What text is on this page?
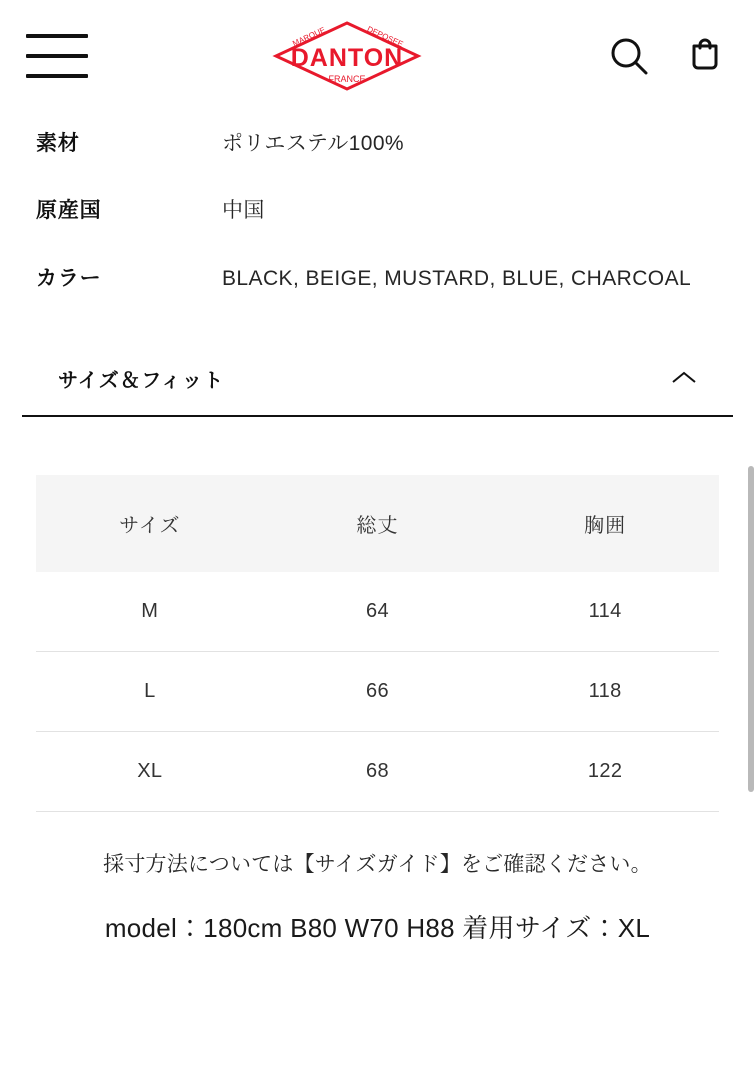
DANTON
MARQUE	DEPOSEE
FRANCE
素材	ポリエステル100%
原産国	中国
カラー	BLACK, BEIGE, MUSTARD, BLUE, CHARCOAL
サイズ＆フィット
サイズ	総丈	胸囲
M	64	114
L	66	118
XL	68	122
採寸方法については【サイズガイド】をご確認ください。
model：180cm B80 W70 H88 着用サイズ：XL
